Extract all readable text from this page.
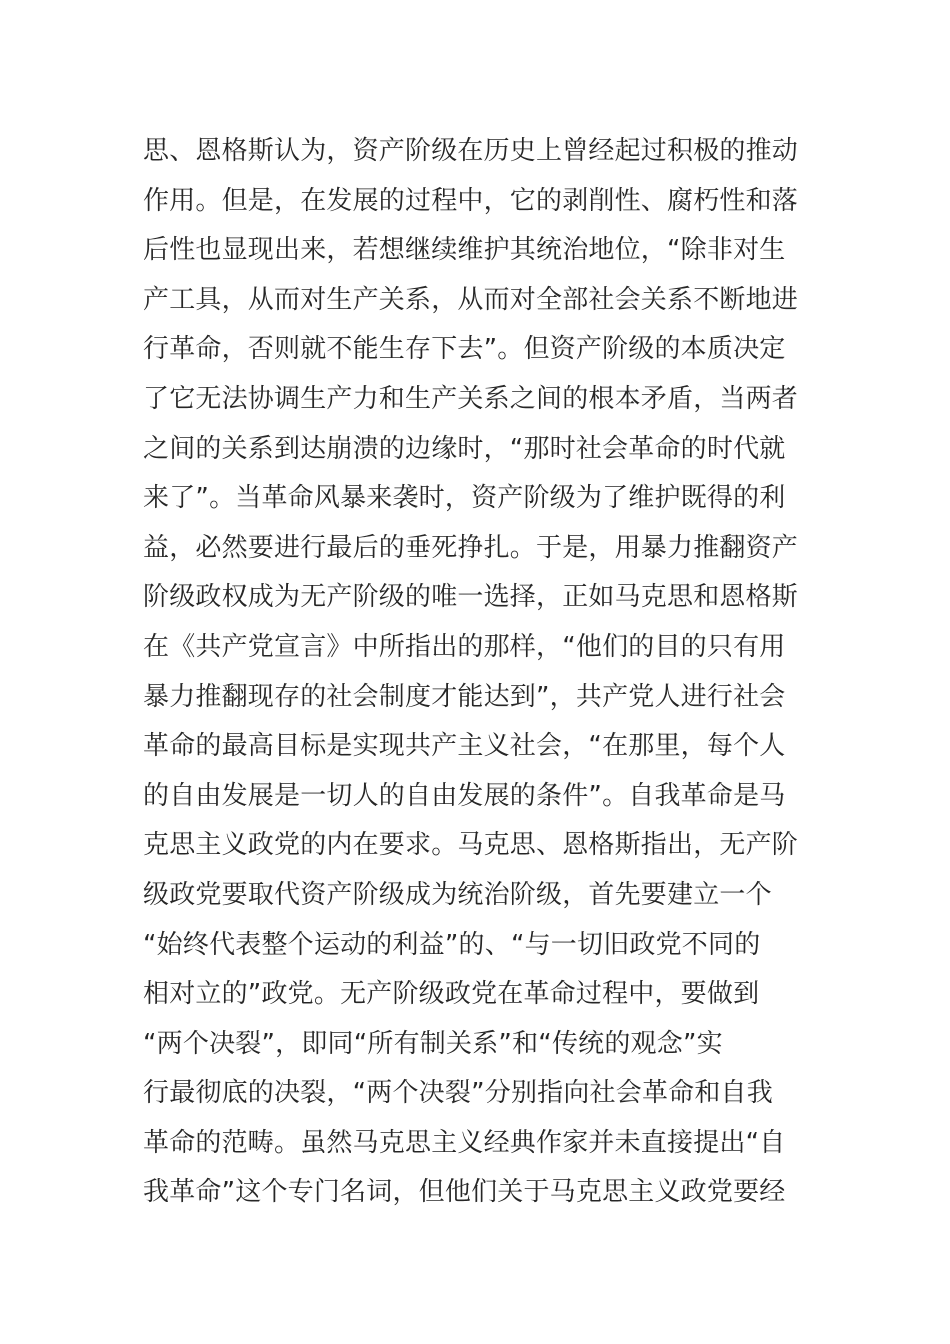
思、恩格斯认为，资产阶级在历史上曾经起过积极的推动
作用。但是，在发展的过程中，它的剥削性、腐朽性和落
后性也显现出来，若想继续维护其统治地位，“除非对生
产工具，从而对生产关系，从而对全部社会关系不断地进
行革命，否则就不能生存下去”。但资产阶级的本质决定
了它无法协调生产力和生产关系之间的根本矛盾，当两者
之间的关系到达崩溃的边缘时，“那时社会革命的时代就
来了”。当革命风暴来袭时，资产阶级为了维护既得的利
益，必然要进行最后的垂死挣扎。于是，用暴力推翻资产
阶级政权成为无产阶级的唯一选择，正如马克思和恩格斯
在《共产党宣言》中所指出的那样，“他们的目的只有用
暴力推翻现存的社会制度才能达到”，共产党人进行社会
革命的最高目标是实现共产主义社会，“在那里，每个人
的自由发展是一切人的自由发展的条件”。自我革命是马
克思主义政党的内在要求。马克思、恩格斯指出，无产阶
级政党要取代资产阶级成为统治阶级，首先要建立一个
“始终代表整个运动的利益”的、“与一切旧政党不同的
相对立的”政党。无产阶级政党在革命过程中，要做到
“两个决裂”，即同“所有制关系”和“传统的观念”实
行最彻底的决裂，“两个决裂”分别指向社会革命和自我
革命的范畴。虽然马克思主义经典作家并未直接提出“自
我革命”这个专门名词，但他们关于马克思主义政党要经
